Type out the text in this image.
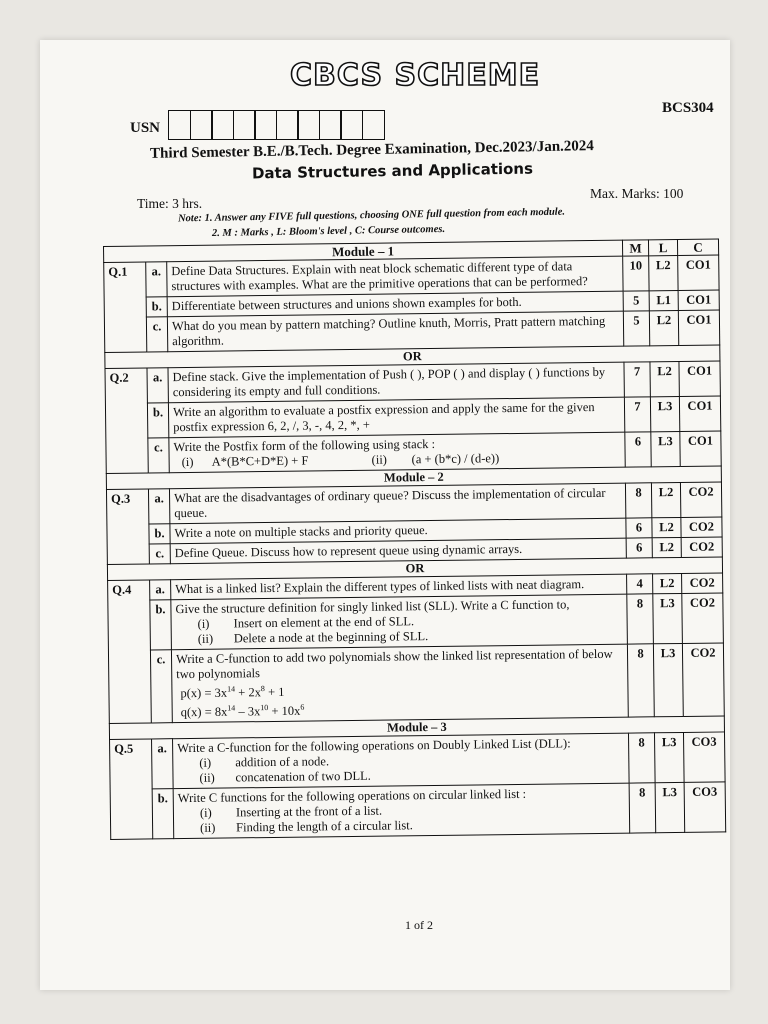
CBCS SCHEME
BCS304
USN
Third Semester B.E./B.Tech. Degree Examination, Dec.2023/Jan.2024
Data Structures and Applications
Max. Marks: 100
Time: 3 hrs.
Note: 1. Answer any FIVE full questions, choosing ONE full question from each module.
2. M : Marks , L: Bloom's level , C: Course outcomes.

Module – 1			M	L	C
Q.1	a.	Define Data Structures. Explain with neat block schematic different type of data structures with examples. What are the primitive operations that can be performed?	10	L2	CO1
	b.	Differentiate between structures and unions shown examples for both.	5	L1	CO1
	c.	What do you mean by pattern matching? Outline knuth, Morris, Pratt pattern matching algorithm.	5	L2	CO1
OR					
Q.2	a.	Define stack. Give the implementation of Push ( ), POP ( ) and display ( ) functions by considering its empty and full conditions.	7	L2	CO1
	b.	Write an algorithm to evaluate a postfix expression and apply the same for the given postfix expression 6, 2, /, 3, -, 4, 2, *, +	7	L3	CO1
	c.	Write the Postfix form of the following using stack :
(i) A*(B*C+D*E) + F (ii) (a + (b*c) / (d-e))	6	L3	CO1
Module – 2					
Q.3	a.	What are the disadvantages of ordinary queue? Discuss the implementation of circular queue.	8	L2	CO2
	b.	Write a note on multiple stacks and priority queue.	6	L2	CO2
	c.	Define Queue. Discuss how to represent queue using dynamic arrays.	6	L2	CO2
OR					
Q.4	a.	What is a linked list? Explain the different types of linked lists with neat diagram.	4	L2	CO2
	b.	Give the structure definition for singly linked list (SLL). Write a C function to,
(i) Insert on element at the end of SLL.
(ii) Delete a node at the beginning of SLL.	8	L3	CO2
	c.	Write a C-function to add two polynomials show the linked list representation of below two polynomials
$p(x) = 3x^{14} + 2x^8 + 1$
$q(x) = 8x^{14} - 3x^{10} + 10x^6$	8	L3	CO2
Module – 3					
Q.5	a.	Write a C-function for the following operations on Doubly Linked List (DLL):
(i) addition of a node.
(ii) concatenation of two DLL.	8	L3	CO3
	b.	Write C functions for the following operations on circular linked list :
(i) Inserting at the front of a list.
(ii) Finding the length of a circular list.	8	L3	CO3
1 of 2
